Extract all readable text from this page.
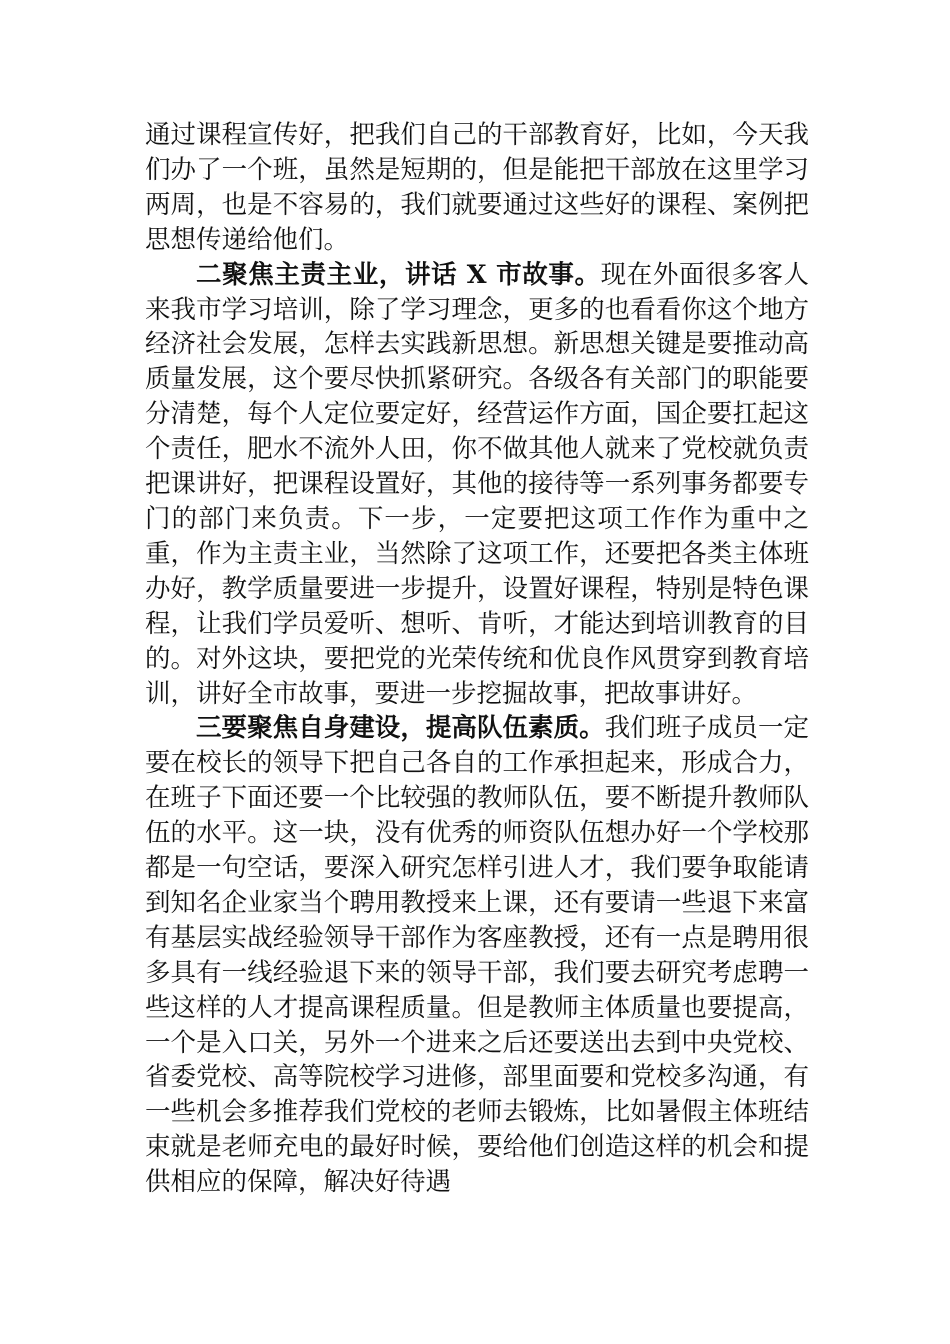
通过课程宣传好，把我们自己的干部教育好，比如，今天我们办了一个班，虽然是短期的，但是能把干部放在这里学习两周，也是不容易的，我们就要通过这些好的课程、案例把思想传递给他们。

二聚焦主责主业，讲话 X 市故事。现在外面很多客人来我市学习培训，除了学习理念，更多的也看看你这个地方经济社会发展，怎样去实践新思想。新思想关键是要推动高质量发展，这个要尽快抓紧研究。各级各有关部门的职能要分清楚，每个人定位要定好，经营运作方面，国企要扛起这个责任，肥水不流外人田，你不做其他人就来了党校就负责把课讲好，把课程设置好，其他的接待等一系列事务都要专门的部门来负责。下一步，一定要把这项工作作为重中之重，作为主责主业，当然除了这项工作，还要把各类主体班办好，教学质量要进一步提升，设置好课程，特别是特色课程，让我们学员爱听、想听、肯听，才能达到培训教育的目的。对外这块，要把党的光荣传统和优良作风贯穿到教育培训，讲好全市故事，要进一步挖掘故事，把故事讲好。

三要聚焦自身建设，提高队伍素质。我们班子成员一定要在校长的领导下把自己各自的工作承担起来，形成合力，在班子下面还要一个比较强的教师队伍，要不断提升教师队伍的水平。这一块，没有优秀的师资队伍想办好一个学校那都是一句空话，要深入研究怎样引进人才，我们要争取能请到知名企业家当个聘用教授来上课，还有要请一些退下来富有基层实战经验领导干部作为客座教授，还有一点是聘用很多具有一线经验退下来的领导干部，我们要去研究考虑聘一些这样的人才提高课程质量。但是教师主体质量也要提高，一个是入口关，另外一个进来之后还要送出去到中央党校、省委党校、高等院校学习进修，部里面要和党校多沟通，有一些机会多推荐我们党校的老师去锻炼，比如暑假主体班结束就是老师充电的最好时候，要给他们创造这样的机会和提供相应的保障，解决好待遇
